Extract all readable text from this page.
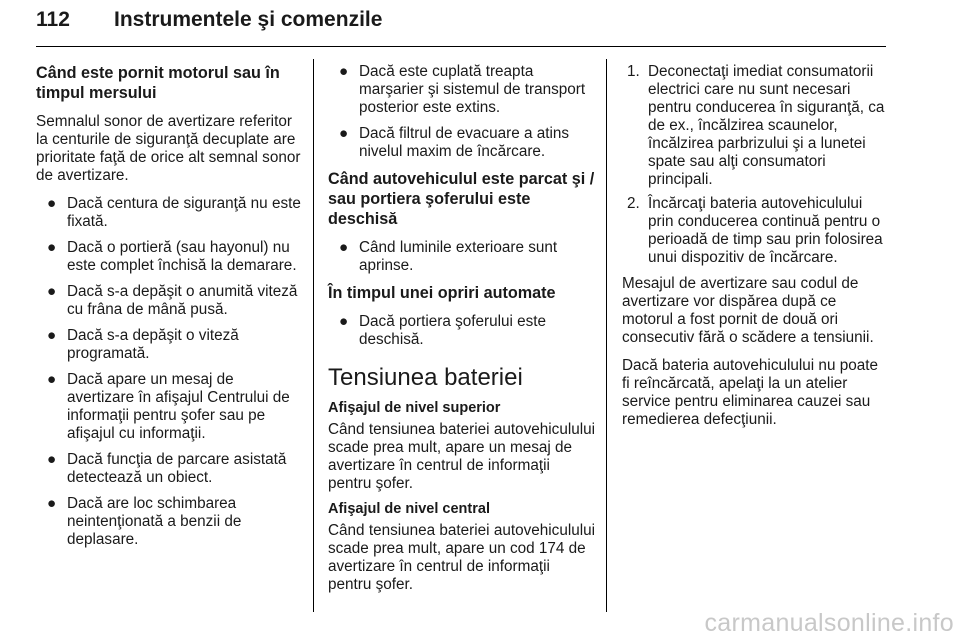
112 Instrumentele şi comenzile
Când este pornit motorul sau în timpul mersului

Semnalul sonor de avertizare referitor la centurile de siguranţă decuplate are prioritate faţă de orice alt semnal sonor de avertizare.

● Dacă centura de siguranţă nu este fixată.
● Dacă o portieră (sau hayonul) nu este complet închisă la demarare.
● Dacă s-a depăşit o anumită viteză cu frâna de mână pusă.
● Dacă s-a depăşit o viteză programată.
● Dacă apare un mesaj de avertizare în afişajul Centrului de informaţii pentru şofer sau pe afişajul cu informaţii.
● Dacă funcţia de parcare asistată detectează un obiect.
● Dacă are loc schimbarea neintenţionată a benzii de deplasare.
● Dacă este cuplată treapta marşarier şi sistemul de transport posterior este extins.
● Dacă filtrul de evacuare a atins nivelul maxim de încărcare.
Când autovehiculul este parcat şi / sau portiera şoferului este deschisă
● Când luminile exterioare sunt aprinse.
În timpul unei opriri automate
● Dacă portiera şoferului este deschisă.
Tensiunea bateriei
Afişajul de nivel superior

Când tensiunea bateriei autovehiculului scade prea mult, apare un mesaj de avertizare în centrul de informaţii pentru şofer.

Afişajul de nivel central

Când tensiunea bateriei autovehiculului scade prea mult, apare un cod 174 de avertizare în centrul de informaţii pentru şofer.

1. Deconectaţi imediat consumatorii electrici care nu sunt necesari pentru conducerea în siguranţă, ca de ex., încălzirea scaunelor, încălzirea parbrizului şi a lunetei spate sau alţi consumatori principali.
2. Încărcaţi bateria autovehiculului prin conducerea continuă pentru o perioadă de timp sau prin folosirea unui dispozitiv de încărcare.

Mesajul de avertizare sau codul de avertizare vor dispărea după ce motorul a fost pornit de două ori consecutiv fără o scădere a tensiunii.

Dacă bateria autovehiculului nu poate fi reîncărcată, apelaţi la un atelier service pentru eliminarea cauzei sau remedierea defecţiunii.

carmanualsonline.info
